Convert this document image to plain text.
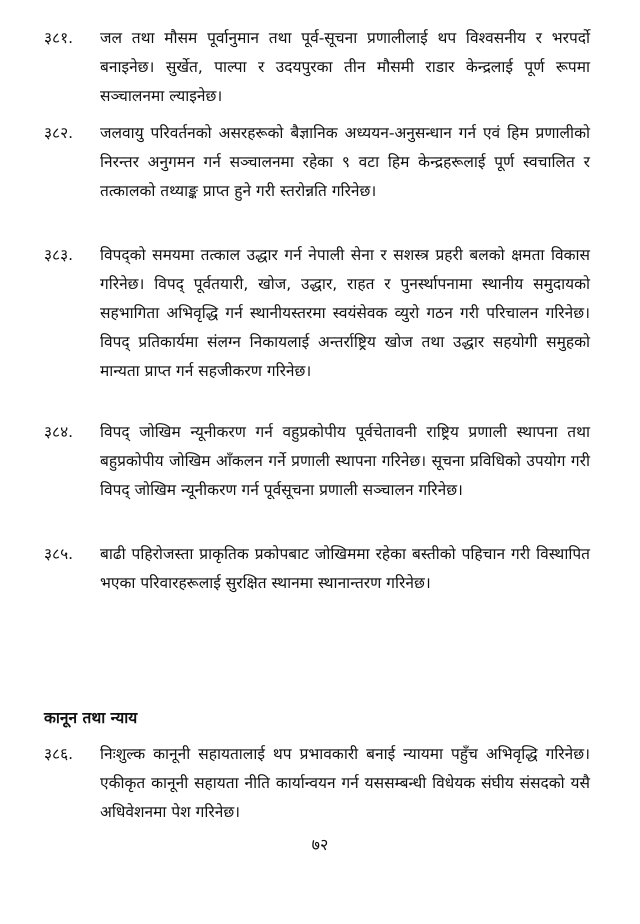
३८१.	जल तथा मौसम पूर्वानुमान तथा पूर्व-सूचना प्रणालीलाई थप विश्वसनीय र भरपर्दो बनाइनेछ। सुर्खेत, पाल्पा र उदयपुरका तीन मौसमी राडार केन्द्रलाई पूर्ण रूपमा सञ्चालनमा ल्याइनेछ।
३८२.	जलवायु परिवर्तनको असरहरूको बैज्ञानिक अध्ययन-अनुसन्धान गर्न एवं हिम प्रणालीको निरन्तर अनुगमन गर्न सञ्चालनमा रहेका ९ वटा हिम केन्द्रहरूलाई पूर्ण स्वचालित र तत्कालको तथ्याङ्क प्राप्त हुने गरी स्तरोन्नति गरिनेछ।
३८३.	विपद्को समयमा तत्काल उद्धार गर्न नेपाली सेना र सशस्त्र प्रहरी बलको क्षमता विकास गरिनेछ। विपद् पूर्वतयारी, खोज, उद्धार, राहत र पुनर्स्थापनामा स्थानीय समुदायको सहभागिता अभिवृद्धि गर्न स्थानीयस्तरमा स्वयंसेवक व्युरो गठन गरी परिचालन गरिनेछ। विपद् प्रतिकार्यमा संलग्न निकायलाई अन्तर्राष्ट्रिय खोज तथा उद्धार सहयोगी समुहको मान्यता प्राप्त गर्न सहजीकरण गरिनेछ।
३८४.	विपद् जोखिम न्यूनीकरण गर्न वहुप्रकोपीय पूर्वचेतावनी राष्ट्रिय प्रणाली स्थापना तथा बहुप्रकोपीय जोखिम आँकलन गर्ने प्रणाली स्थापना गरिनेछ। सूचना प्रविधिको उपयोग गरी विपद् जोखिम न्यूनीकरण गर्न पूर्वसूचना प्रणाली सञ्चालन गरिनेछ।
३८५.	बाढी पहिरोजस्ता प्राकृतिक प्रकोपबाट जोखिममा रहेका बस्तीको पहिचान गरी विस्थापित भएका परिवारहरूलाई सुरक्षित स्थानमा स्थानान्तरण गरिनेछ।
कानून तथा न्याय
३८६.	निःशुल्क कानूनी सहायतालाई थप प्रभावकारी बनाई न्यायमा पहुँच अभिवृद्धि गरिनेछ। एकीकृत कानूनी सहायता नीति कार्यान्वयन गर्न यससम्बन्धी विधेयक संघीय संसदको यसै अधिवेशनमा पेश गरिनेछ।
७२
